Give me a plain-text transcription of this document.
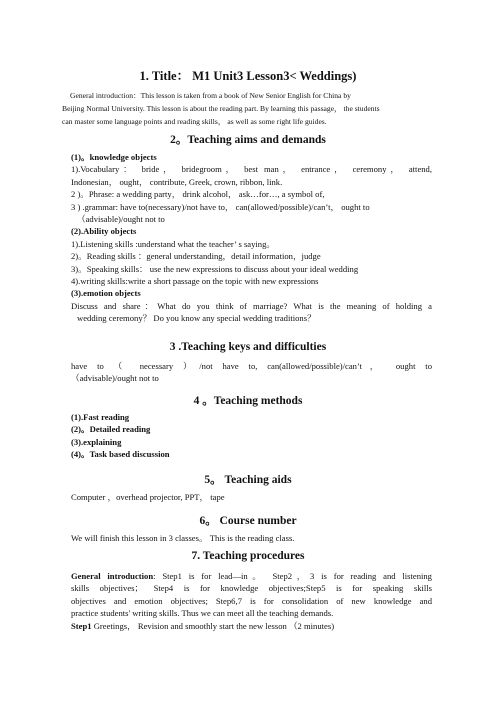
1. Title： M1 Unit3 Lesson3< Weddings)

General introduction：This lesson is taken from a book of New Senior English for China by
Beijing Normal University. This lesson is about the reading part. By learning this passage， the students
can master some language points and reading skills， as well as some right life guides.

2。Teaching aims and demands

(1)。knowledge objects

1).Vocabulary： bride， bridegroom， best man， entrance， ceremony， attend,

Indonesian， ought， contribute, Greek, crown, ribbon, link.

2 )。Phrase: a wedding party， drink alcohol， ask…for…, a symbol of,

3 ) .grammar: have to(necessary)/not have to， can(allowed/possible)/can’t， ought to

（advisable)/ought not to

(2).Ability objects

1).Listening skills :understand what the teacher’ s saying。

2)。Reading skills ：general understanding，detail information，judge

3)。Speaking skills： use the new expressions to discuss about your ideal wedding

4).writing skills:write a short passage on the topic with new expressions

(3).emotion objects

Discuss and share：What do you think of marriage? What is the meaning of holding a

wedding ceremony？ Do you know any special wedding traditions？

3 .Teaching keys and difficulties

have to （ necessary ）/not have to, can(allowed/possible)/can’t， ought to

（advisable)/ought not to

4 。Teaching methods

(1).Fast reading

(2)。Detailed reading

(3).explaining

(4)。Task based discussion

5。 Teaching aids

Computer ，overhead projector, PPT， tape

6。 Course number

We will finish this lesson in 3 classes。 This is the reading class.

7. Teaching procedures

General introduction: Step1 is for lead—in。 Step2，3 is for reading and listening

skills objectives； Step4 is for knowledge objectives;Step5 is for speaking skills

objectives and emotion objectives; Step6,7 is for consolidation of new knowledge and

practice students' writing skills. Thus we can meet all the teaching demands.

Step1 Greetings， Revision and smoothly start the new lesson （2 minutes)
